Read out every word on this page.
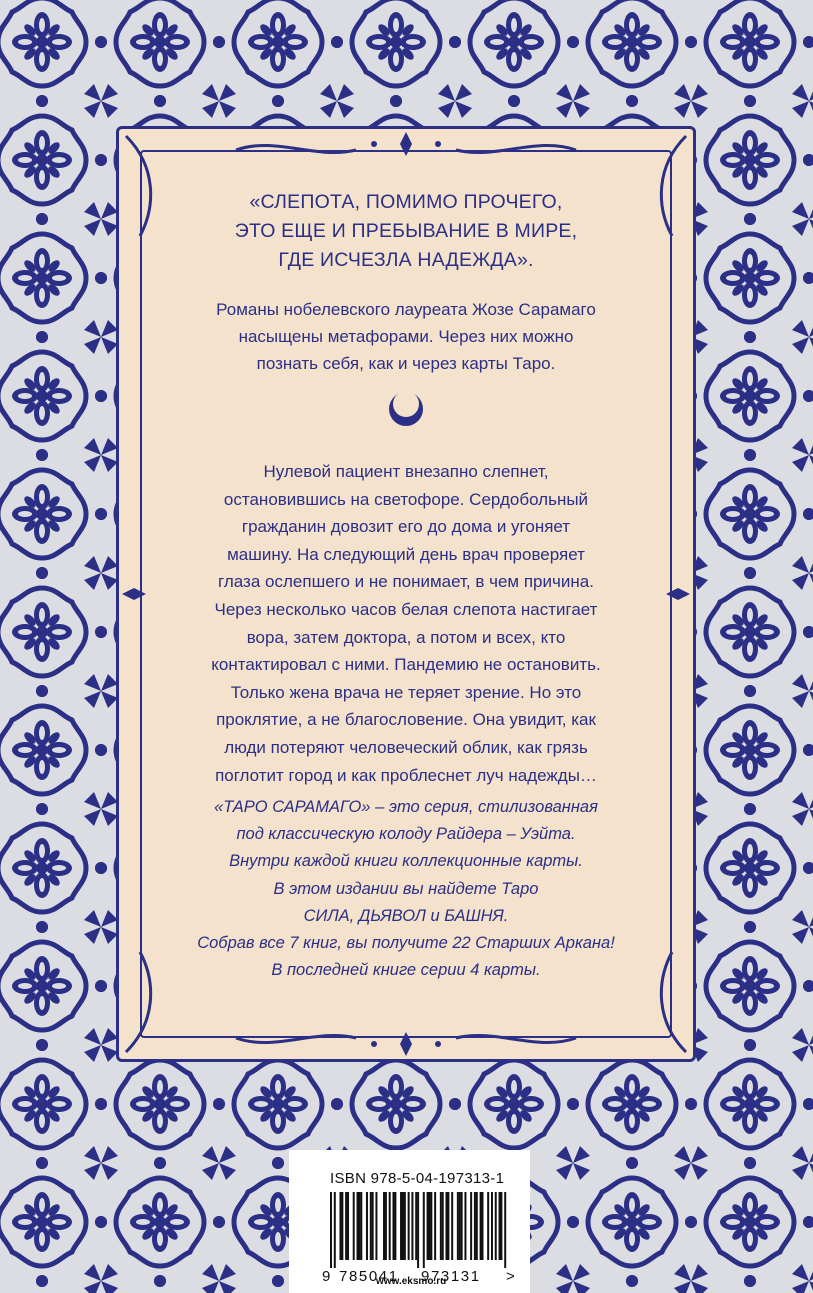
«СЛЕПОТА, ПОМИМО ПРОЧЕГО,
ЭТО ЕЩЕ И ПРЕБЫВАНИЕ В МИРЕ,
ГДЕ ИСЧЕЗЛА НАДЕЖДА».
Романы нобелевского лауреата Жозе Сарамаго
насыщены метафорами. Через них можно
познать себя, как и через карты Таро.
Нулевой пациент внезапно слепнет,
остановившись на светофоре. Сердобольный
гражданин довозит его до дома и угоняет
машину. На следующий день врач проверяет
глаза ослепшего и не понимает, в чем причина.
Через несколько часов белая слепота настигает
вора, затем доктора, а потом и всех, кто
контактировал с ними. Пандемию не остановить.
Только жена врача не теряет зрение. Но это
проклятие, а не благословение. Она увидит, как
люди потеряют человеческий облик, как грязь
поглотит город и как проблеснет луч надежды…
«ТАРО САРАМАГО» – это серия, стилизованная
под классическую колоду Райдера – Уэйта.
Внутри каждой книги коллекционные карты.
В этом издании вы найдете Таро
СИЛА, ДЬЯВОЛ и БАШНЯ.
Собрав все 7 книг, вы получите 22 Старших Аркана!
В последней книге серии 4 карты.
ISBN 978-5-04-197313-1
9 785041 973131 >
www.eksmo.ru
